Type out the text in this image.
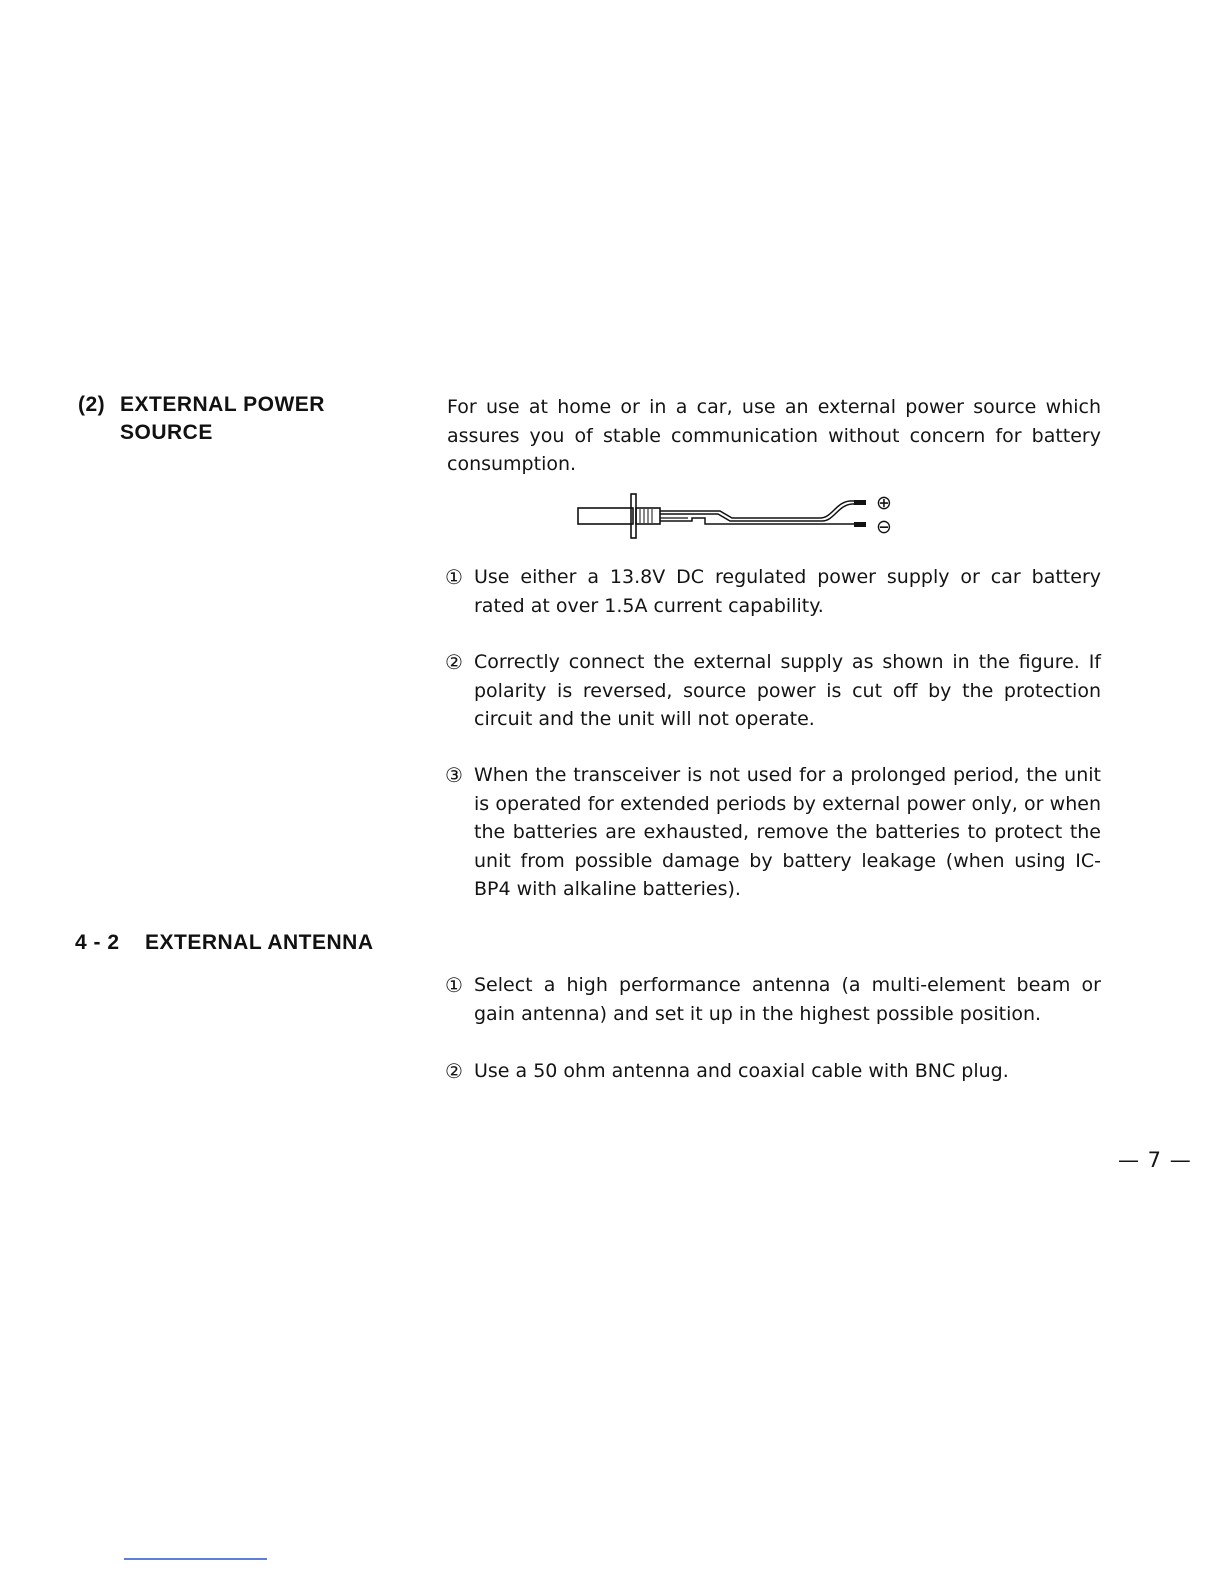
(2) EXTERNAL POWER
SOURCE
For use at home or in a car, use an external power source which assures you of stable communication without concern for battery consumption.
⊕
⊖
① Use either a 13.8V DC regulated power supply or car battery rated at over 1.5A current capability.
② Correctly connect the external supply as shown in the figure. If polarity is reversed, source power is cut off by the protection circuit and the unit will not operate.
③ When the transceiver is not used for a prolonged period, the unit is operated for extended periods by external power only, or when the batteries are exhausted, remove the batteries to protect the unit from possible damage by battery leakage (when using IC-BP4 with alkaline batteries).
4 - 2 EXTERNAL ANTENNA
① Select a high performance antenna (a multi-element beam or gain antenna) and set it up in the highest possible position.
② Use a 50 ohm antenna and coaxial cable with BNC plug.
— 7 —
